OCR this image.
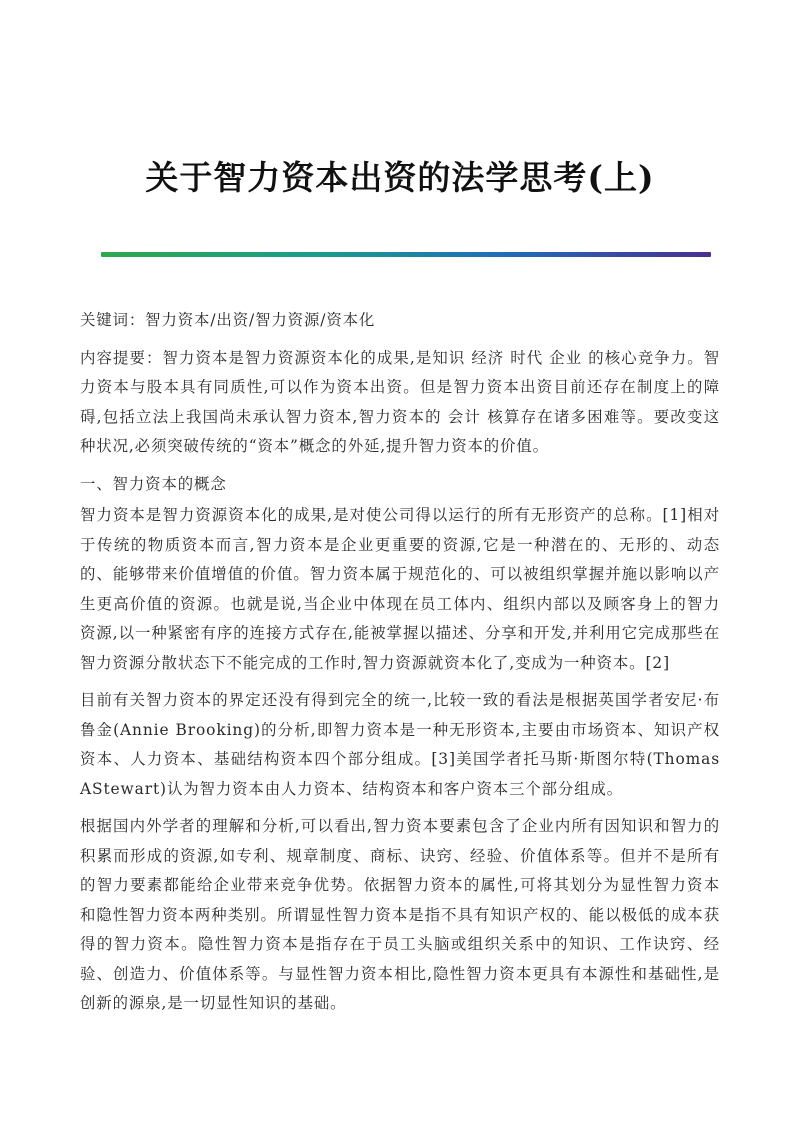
关于智力资本出资的法学思考(上)

关键词：智力资本/出资/智力资源/资本化

内容提要：智力资本是智力资源资本化的成果,是知识 经济 时代 企业 的核心竞争力。智力资本与股本具有同质性,可以作为资本出资。但是智力资本出资目前还存在制度上的障碍,包括立法上我国尚未承认智力资本,智力资本的 会计 核算存在诸多困难等。要改变这种状况,必须突破传统的“资本”概念的外延,提升智力资本的价值。

一、智力资本的概念

智力资本是智力资源资本化的成果,是对使公司得以运行的所有无形资产的总称。[1]相对于传统的物质资本而言,智力资本是企业更重要的资源,它是一种潜在的、无形的、动态的、能够带来价值增值的价值。智力资本属于规范化的、可以被组织掌握并施以影响以产生更高价值的资源。也就是说,当企业中体现在员工体内、组织内部以及顾客身上的智力资源,以一种紧密有序的连接方式存在,能被掌握以描述、分享和开发,并利用它完成那些在智力资源分散状态下不能完成的工作时,智力资源就资本化了,变成为一种资本。[2]

目前有关智力资本的界定还没有得到完全的统一,比较一致的看法是根据英国学者安尼·布鲁金(Annie Brooking)的分析,即智力资本是一种无形资本,主要由市场资本、知识产权资本、人力资本、基础结构资本四个部分组成。[3]美国学者托马斯·斯图尔特(Thomas AStewart)认为智力资本由人力资本、结构资本和客户资本三个部分组成。

根据国内外学者的理解和分析,可以看出,智力资本要素包含了企业内所有因知识和智力的积累而形成的资源,如专利、规章制度、商标、诀窍、经验、价值体系等。但并不是所有的智力要素都能给企业带来竞争优势。依据智力资本的属性,可将其划分为显性智力资本和隐性智力资本两种类别。所谓显性智力资本是指不具有知识产权的、能以极低的成本获得的智力资本。隐性智力资本是指存在于员工头脑或组织关系中的知识、工作诀窍、经验、创造力、价值体系等。与显性智力资本相比,隐性智力资本更具有本源性和基础性,是创新的源泉,是一切显性知识的基础。
